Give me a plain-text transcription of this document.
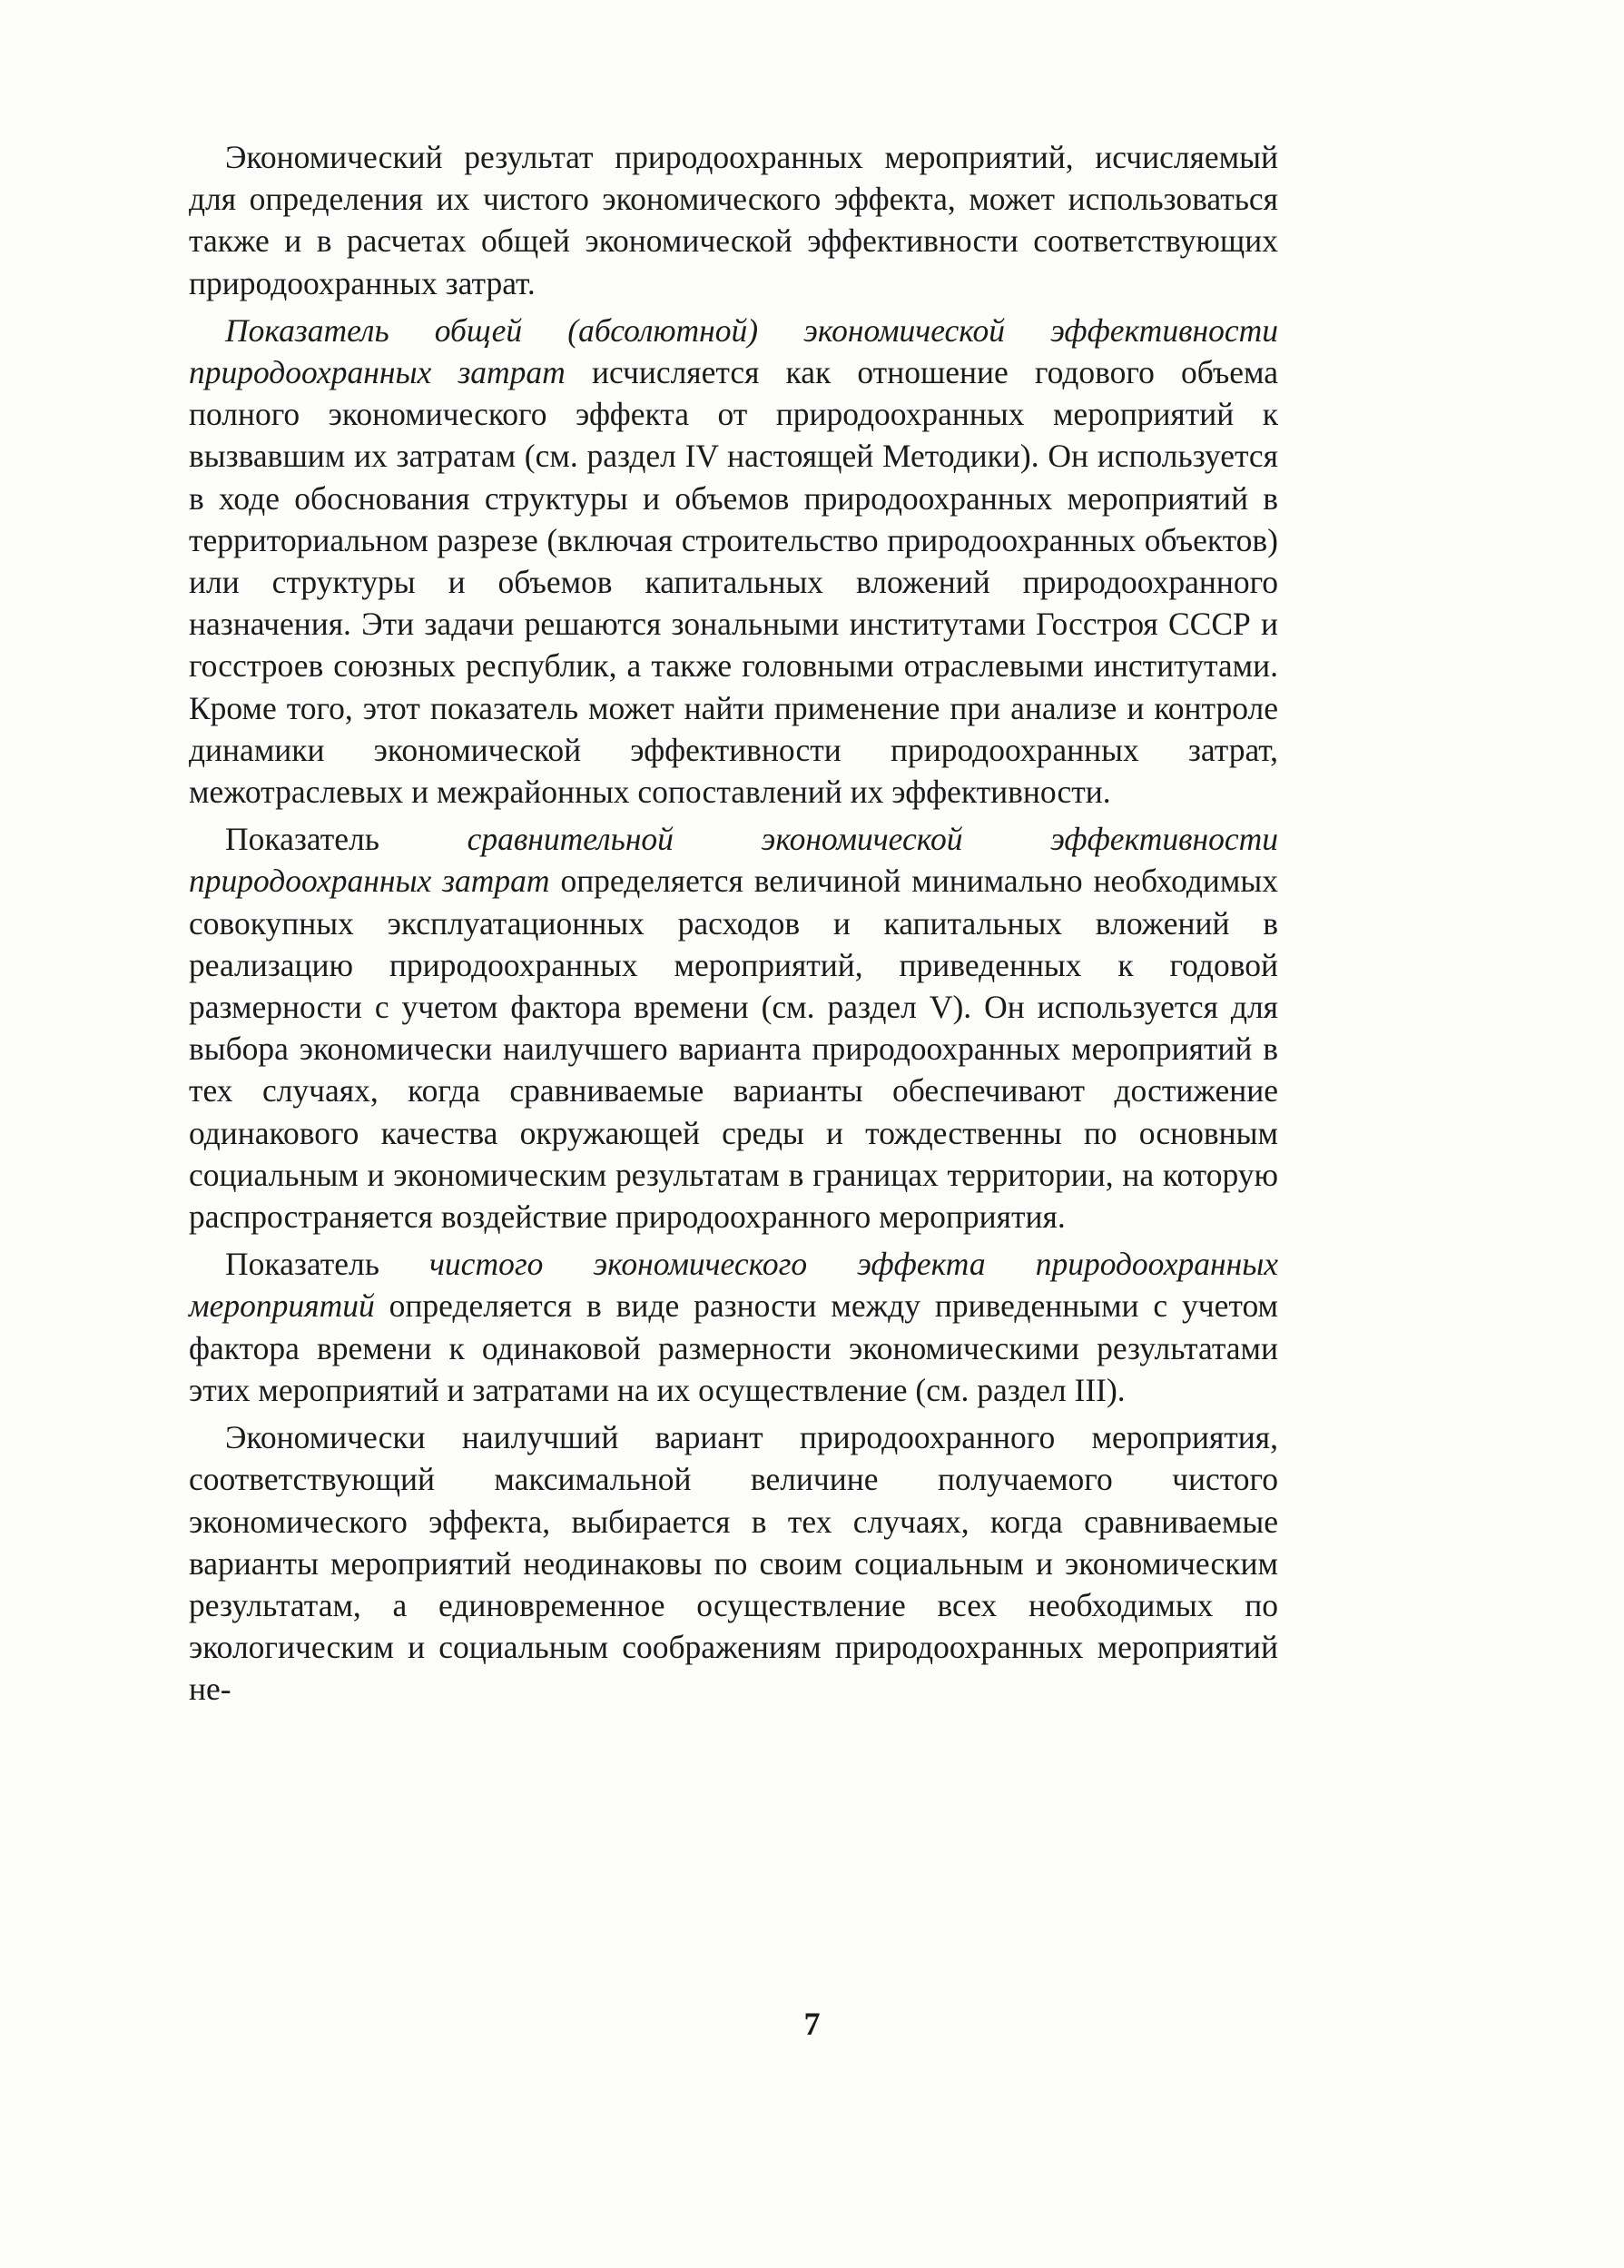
Экономический результат природоохранных мероприятий, исчисляемый для определения их чистого экономического эффекта, может использоваться также и в расчетах общей экономической эффективности соответствующих природоохранных затрат.

Показатель общей (абсолютной) экономической эффективности природоохранных затрат исчисляется как отношение годового объема полного экономического эффекта от природоохранных мероприятий к вызвавшим их затратам (см. раздел IV настоящей Методики). Он используется в ходе обоснования структуры и объемов природоохранных мероприятий в территориальном разрезе (включая строительство природоохранных объектов) или структуры и объемов капитальных вложений природоохранного назначения. Эти задачи решаются зональными институтами Госстроя СССР и госстроев союзных республик, а также головными отраслевыми институтами. Кроме того, этот показатель может найти применение при анализе и контроле динамики экономической эффективности природоохранных затрат, межотраслевых и межрайонных сопоставлений их эффективности.

Показатель сравнительной экономической эффективности природоохранных затрат определяется величиной минимально необходимых совокупных эксплуатационных расходов и капитальных вложений в реализацию природоохранных мероприятий, приведенных к годовой размерности с учетом фактора времени (см. раздел V). Он используется для выбора экономически наилучшего варианта природоохранных мероприятий в тех случаях, когда сравниваемые варианты обеспечивают достижение одинакового качества окружающей среды и тождественны по основным социальным и экономическим результатам в границах территории, на которую распространяется воздействие природоохранного мероприятия.

Показатель чистого экономического эффекта природоохранных мероприятий определяется в виде разности между приведенными с учетом фактора времени к одинаковой размерности экономическими результатами этих мероприятий и затратами на их осуществление (см. раздел III).

Экономически наилучший вариант природоохранного мероприятия, соответствующий максимальной величине получаемого чистого экономического эффекта, выбирается в тех случаях, когда сравниваемые варианты мероприятий неодинаковы по своим социальным и экономическим результатам, а единовременное осуществление всех необходимых по экологическим и социальным соображениям природоохранных мероприятий не-

7
